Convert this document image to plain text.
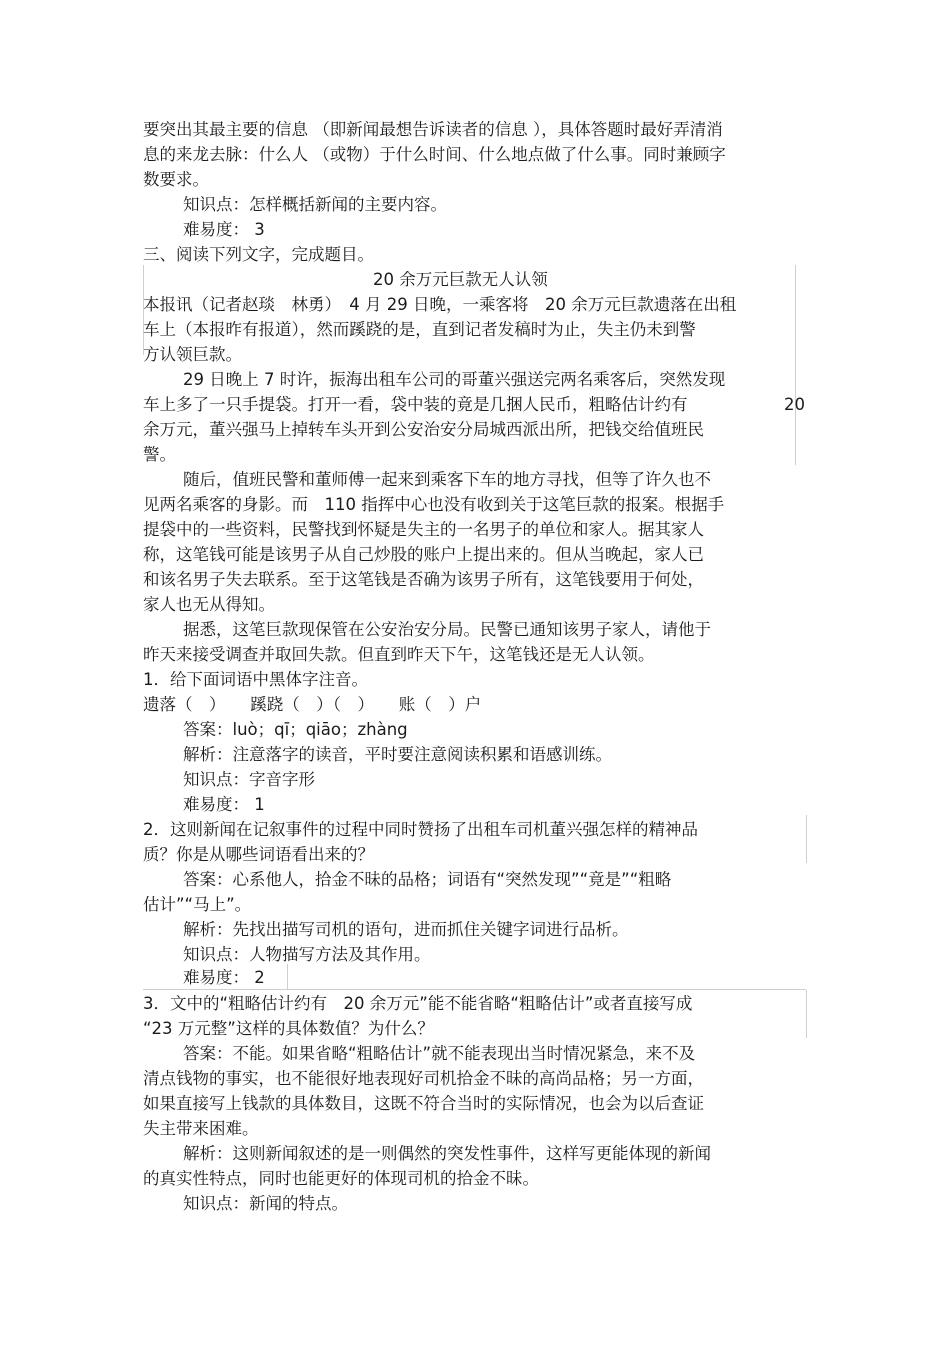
要突出其最主要的信息 （即新闻最想告诉读者的信息 ），具体答题时最好弄清消
息的来龙去脉：什么人 （或物）于什么时间、什么地点做了什么事。同时兼顾字
数要求。
知识点：怎样概括新闻的主要内容。
难易度： 3
三、阅读下列文字，完成题目。
20 余万元巨款无人认领
本报讯（记者赵琰　林勇）　4 月 29 日晚，一乘客将　20 余万元巨款遗落在出租
车上（本报昨有报道），然而蹊跷的是，直到记者发稿时为止，失主仍未到警
方认领巨款。
29 日晚上 7 时许，振海出租车公司的哥董兴强送完两名乘客后，突然发现
车上多了一只手提袋。打开一看，袋中装的竟是几捆人民币，粗略估计约有	20
余万元，董兴强马上掉转车头开到公安治安分局城西派出所，把钱交给值班民
警。
随后，值班民警和董师傅一起来到乘客下车的地方寻找，但等了许久也不
见两名乘客的身影。而　110 指挥中心也没有收到关于这笔巨款的报案。根据手
提袋中的一些资料，民警找到怀疑是失主的一名男子的单位和家人。据其家人
称，这笔钱可能是该男子从自己炒股的账户上提出来的。但从当晚起，家人已
和该名男子失去联系。至于这笔钱是否确为该男子所有，这笔钱要用于何处，
家人也无从得知。
据悉，这笔巨款现保管在公安治安分局。民警已通知该男子家人，请他于
昨天来接受调查并取回失款。但直到昨天下午，这笔钱还是无人认领。
1．给下面词语中黑体字注音。
遗落（　）　　蹊跷（　）（　）　　账（　）户
答案：luò；qī；qiāo；zhàng
解析：注意落字的读音，平时要注意阅读积累和语感训练。
知识点：字音字形
难易度： 1
2．这则新闻在记叙事件的过程中同时赞扬了出租车司机董兴强怎样的精神品
质？你是从哪些词语看出来的？
答案：心系他人，拾金不昧的品格；词语有“突然发现”“竟是”“粗略
估计”“马上”。
解析：先找出描写司机的语句，进而抓住关键字词进行品析。
知识点：人物描写方法及其作用。
难易度： 2
3．文中的“粗略估计约有　20 余万元”能不能省略“粗略估计”或者直接写成
“23 万元整”这样的具体数值？为什么？
答案：不能。如果省略“粗略估计”就不能表现出当时情况紧急，来不及
清点钱物的事实，也不能很好地表现好司机拾金不昧的高尚品格；另一方面，
如果直接写上钱款的具体数目，这既不符合当时的实际情况，也会为以后查证
失主带来困难。
解析：这则新闻叙述的是一则偶然的突发性事件，这样写更能体现的新闻
的真实性特点，同时也能更好的体现司机的拾金不昧。
知识点：新闻的特点。
